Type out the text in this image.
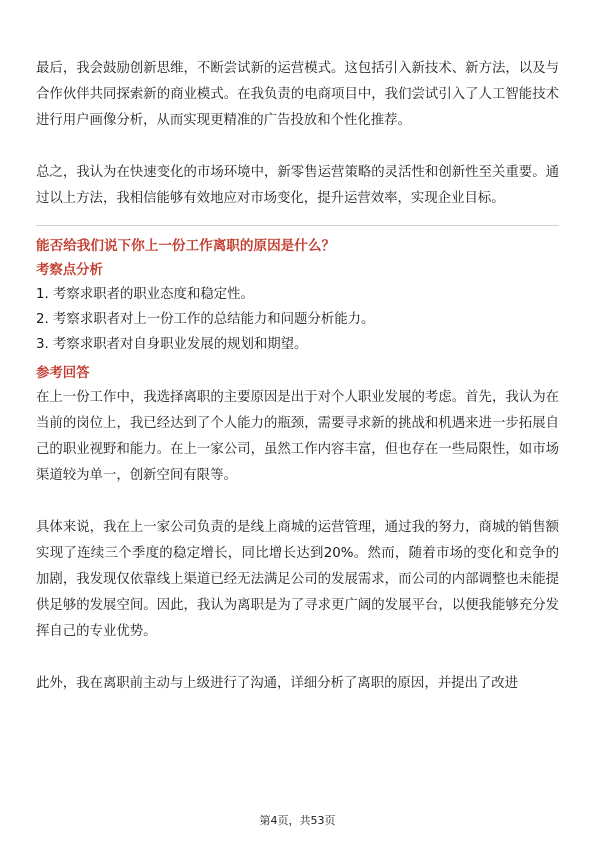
最后，我会鼓励创新思维，不断尝试新的运营模式。这包括引入新技术、新方法，以及与合作伙伴共同探索新的商业模式。在我负责的电商项目中，我们尝试引入了人工智能技术进行用户画像分析，从而实现更精准的广告投放和个性化推荐。

总之，我认为在快速变化的市场环境中，新零售运营策略的灵活性和创新性至关重要。通过以上方法，我相信能够有效地应对市场变化，提升运营效率，实现企业目标。

能否给我们说下你上一份工作离职的原因是什么？

考察点分析

1. 考察求职者的职业态度和稳定性。

2. 考察求职者对上一份工作的总结能力和问题分析能力。

3. 考察求职者对自身职业发展的规划和期望。

参考回答

在上一份工作中，我选择离职的主要原因是出于对个人职业发展的考虑。首先，我认为在当前的岗位上，我已经达到了个人能力的瓶颈，需要寻求新的挑战和机遇来进一步拓展自己的职业视野和能力。在上一家公司，虽然工作内容丰富，但也存在一些局限性，如市场渠道较为单一，创新空间有限等。

具体来说，我在上一家公司负责的是线上商城的运营管理，通过我的努力，商城的销售额实现了连续三个季度的稳定增长，同比增长达到20%。然而，随着市场的变化和竞争的加剧，我发现仅依靠线上渠道已经无法满足公司的发展需求，而公司的内部调整也未能提供足够的发展空间。因此，我认为离职是为了寻求更广阔的发展平台，以便我能够充分发挥自己的专业优势。

此外，我在离职前主动与上级进行了沟通，详细分析了离职的原因，并提出了改进

第4页，共53页
